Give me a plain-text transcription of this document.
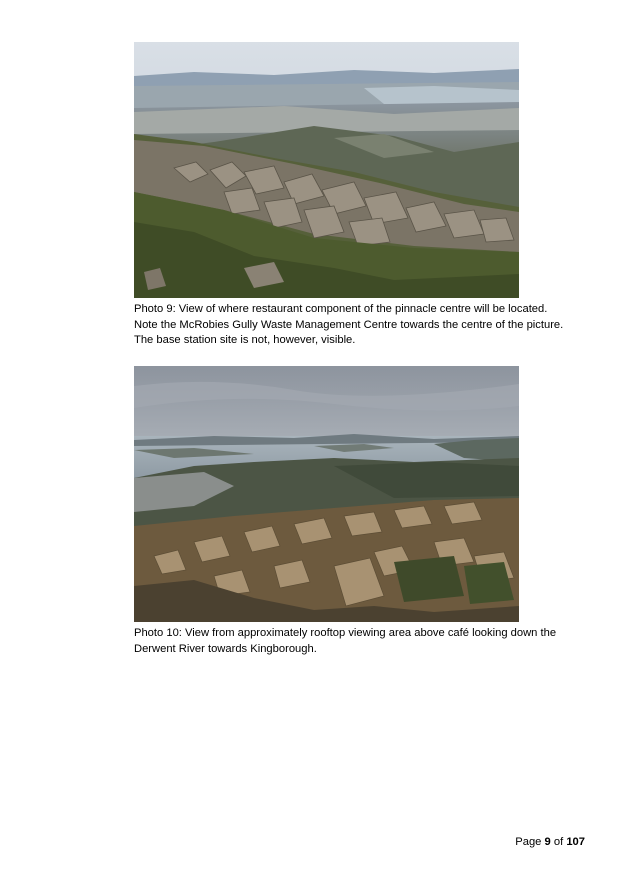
Photo 9: View of where restaurant component of the pinnacle centre will be located.
Note the McRobies Gully Waste Management Centre towards the centre of the picture.
The base station site is not, however, visible.
Photo 10: View from approximately rooftop viewing area above café looking down the
Derwent River towards Kingborough.
Page 9 of 107
